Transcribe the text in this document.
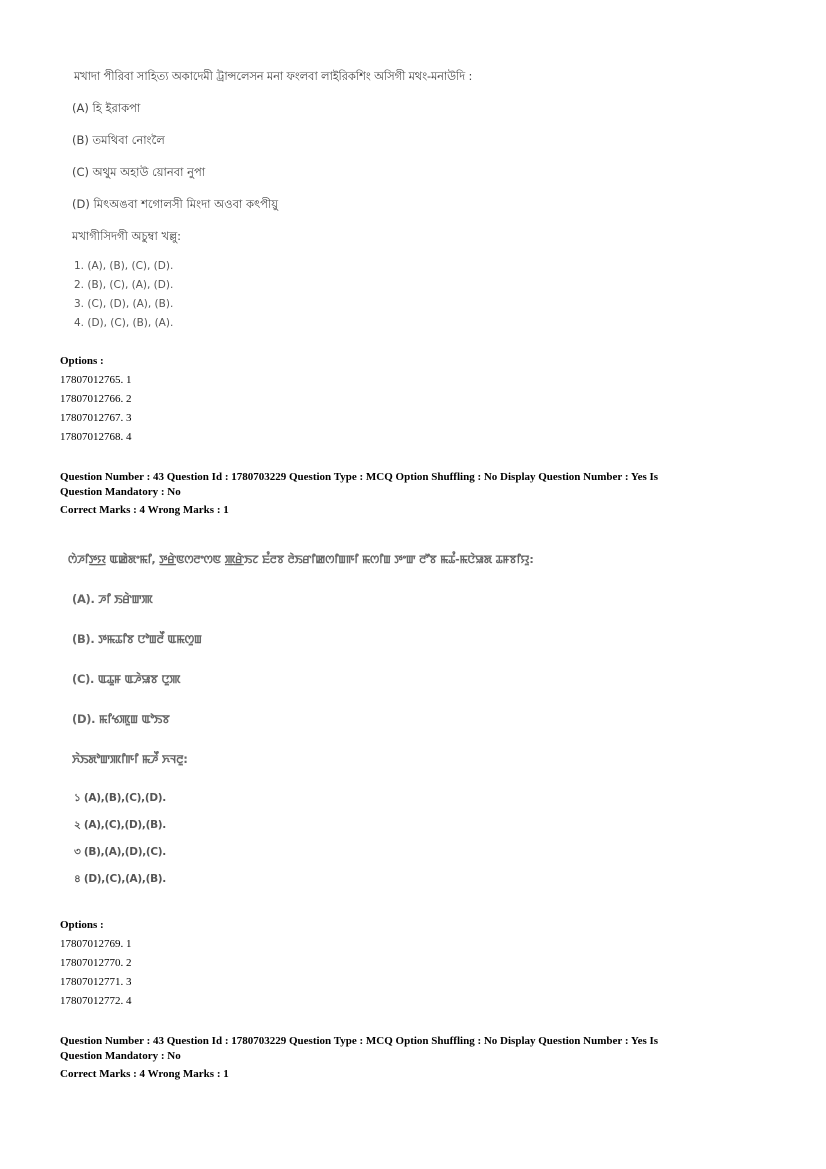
মখাদা পীরিবা সাহিত্য অকাদেমী ট্রান্সলেসন মনা ফংলবা লাইরিকশিং অসিগী মথং-মনাউদি :
(A) হি ইরাকপা
(B) তমথিবা নোংলৈ
(C) অথুম অহাউ য়োনবা নুপা
(D) মিৎঅঙবা শগোলসী মিংদা অওবা কৎপীয়ু
মখাগীসিদগী অচুম্বা খল্লু:
1. (A), (B), (C), (D).
2. (B), (C), (A), (D).
3. (C), (D), (A), (B).
4. (D), (C), (B), (A).
Options :
17807012765. 1
17807012766. 2
17807012767. 3
17807012768. 4
Question Number : 43 Question Id : 1780703229 Question Type : MCQ Option Shuffling : No Display Question Number : Yes Is
Question Mandatory : No
Correct Marks : 4 Wrong Marks : 1
ꯁꯥꯍꯤꯇ꯭ꯌ ꯑꯀꯥꯗꯦꯃꯤ, ꯇ꯭ꯔꯥꯟꯁꯂꯦꯁꯟ ꯄ꯭ꯔꯥꯏꯖ ꯐꯪꯂꯕ ꯂꯥꯏꯔꯤꯀꯁꯤꯡꯒꯤ ꯃꯁꯤꯡ ꯇꯦꯛ ꯂꯧꯕ ꯃꯊꯪ-ꯃꯅꯥꯎꯗ ꯊꯝꯕꯤꯌꯨ:
(A). ꯍꯤ ꯏꯔꯥꯛꯄ
(B). ꯇꯃꯊꯤꯕ ꯅꯣꯡꯂꯩ ꯑꯃꯁꯨꯡ
(C). ꯑꯊꯨꯝ ꯑꯍꯥꯎꯕ ꯅꯨꯄ
(D). ꯃꯤꯠꯄꯨꯡ ꯑꯣꯏꯕ
ꯈꯥꯏꯗꯣꯛꯄꯤꯒꯤ ꯃꯍꯩ ꯈꯜꯂꯨ:
১ (A),(B),(C),(D).
২ (A),(C),(D),(B).
৩ (B),(A),(D),(C).
৪ (D),(C),(A),(B).
Options :
17807012769. 1
17807012770. 2
17807012771. 3
17807012772. 4
Question Number : 43 Question Id : 1780703229 Question Type : MCQ Option Shuffling : No Display Question Number : Yes Is
Question Mandatory : No
Correct Marks : 4 Wrong Marks : 1
